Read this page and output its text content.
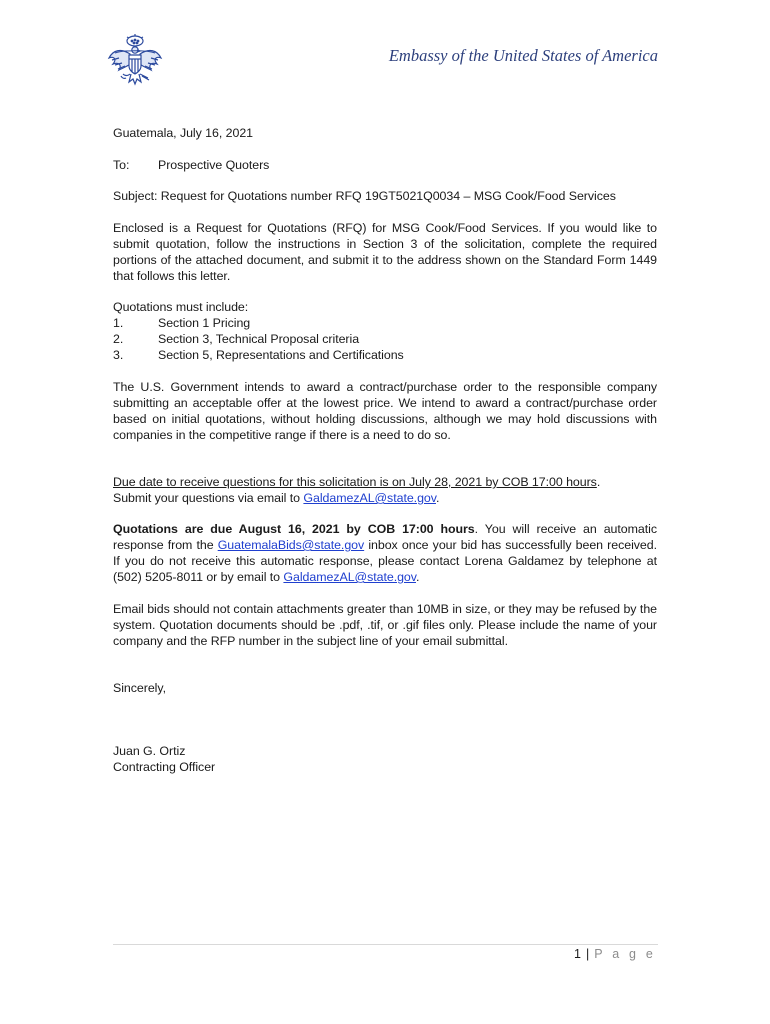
Embassy of the United States of America
Guatemala, July 16, 2021
To:	Prospective Quoters
Subject: Request for Quotations number RFQ 19GT5021Q0034 – MSG Cook/Food Services
Enclosed is a Request for Quotations (RFQ) for MSG Cook/Food Services. If you would like to submit quotation, follow the instructions in Section 3 of the solicitation, complete the required portions of the attached document, and submit it to the address shown on the Standard Form 1449 that follows this letter.
Quotations must include:
1.	Section 1 Pricing
2.	Section 3, Technical Proposal criteria
3.	Section 5, Representations and Certifications
The U.S. Government intends to award a contract/purchase order to the responsible company submitting an acceptable offer at the lowest price. We intend to award a contract/purchase order based on initial quotations, without holding discussions, although we may hold discussions with companies in the competitive range if there is a need to do so.
Due date to receive questions for this solicitation is on July 28, 2021 by COB 17:00 hours.
Submit your questions via email to GaldamezAL@state.gov.
Quotations are due August 16, 2021 by COB 17:00 hours. You will receive an automatic response from the GuatemalaBids@state.gov inbox once your bid has successfully been received. If you do not receive this automatic response, please contact Lorena Galdamez by telephone at (502) 5205-8011 or by email to GaldamezAL@state.gov.
Email bids should not contain attachments greater than 10MB in size, or they may be refused by the system. Quotation documents should be .pdf, .tif, or .gif files only. Please include the name of your company and the RFP number in the subject line of your email submittal.
Sincerely,
Juan G. Ortiz
Contracting Officer
1 | P a g e
